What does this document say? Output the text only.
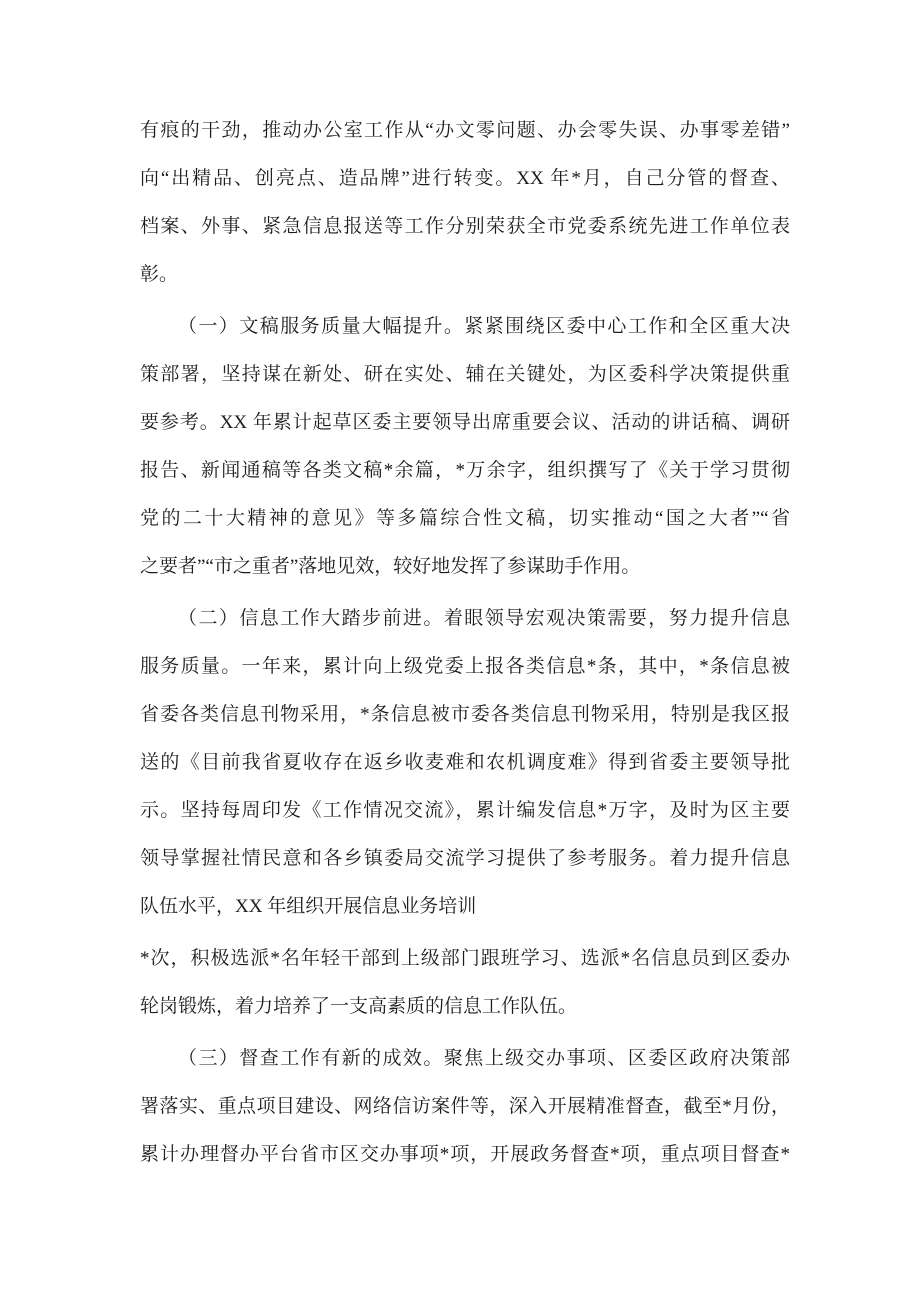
有痕的干劲，推动办公室工作从“办文零问题、办会零失误、办事零差错”
向“出精品、创亮点、造品牌”进行转变。XX 年*月，自己分管的督查、
档案、外事、紧急信息报送等工作分别荣获全市党委系统先进工作单位表
彰。
（一）文稿服务质量大幅提升。紧紧围绕区委中心工作和全区重大决
策部署，坚持谋在新处、研在实处、辅在关键处，为区委科学决策提供重
要参考。XX 年累计起草区委主要领导出席重要会议、活动的讲话稿、调研
报告、新闻通稿等各类文稿*余篇，*万余字，组织撰写了《关于学习贯彻
党的二十大精神的意见》等多篇综合性文稿，切实推动“国之大者”“省
之要者”“市之重者”落地见效，较好地发挥了参谋助手作用。
（二）信息工作大踏步前进。着眼领导宏观决策需要，努力提升信息
服务质量。一年来，累计向上级党委上报各类信息*条，其中，*条信息被
省委各类信息刊物采用，*条信息被市委各类信息刊物采用，特别是我区报
送的《目前我省夏收存在返乡收麦难和农机调度难》得到省委主要领导批
示。坚持每周印发《工作情况交流》，累计编发信息*万字，及时为区主要
领导掌握社情民意和各乡镇委局交流学习提供了参考服务。着力提升信息
队伍水平，XX 年组织开展信息业务培训
*次，积极选派*名年轻干部到上级部门跟班学习、选派*名信息员到区委办
轮岗锻炼，着力培养了一支高素质的信息工作队伍。
（三）督查工作有新的成效。聚焦上级交办事项、区委区政府决策部
署落实、重点项目建设、网络信访案件等，深入开展精准督查，截至*月份，
累计办理督办平台省市区交办事项*项，开展政务督查*项，重点项目督查*
